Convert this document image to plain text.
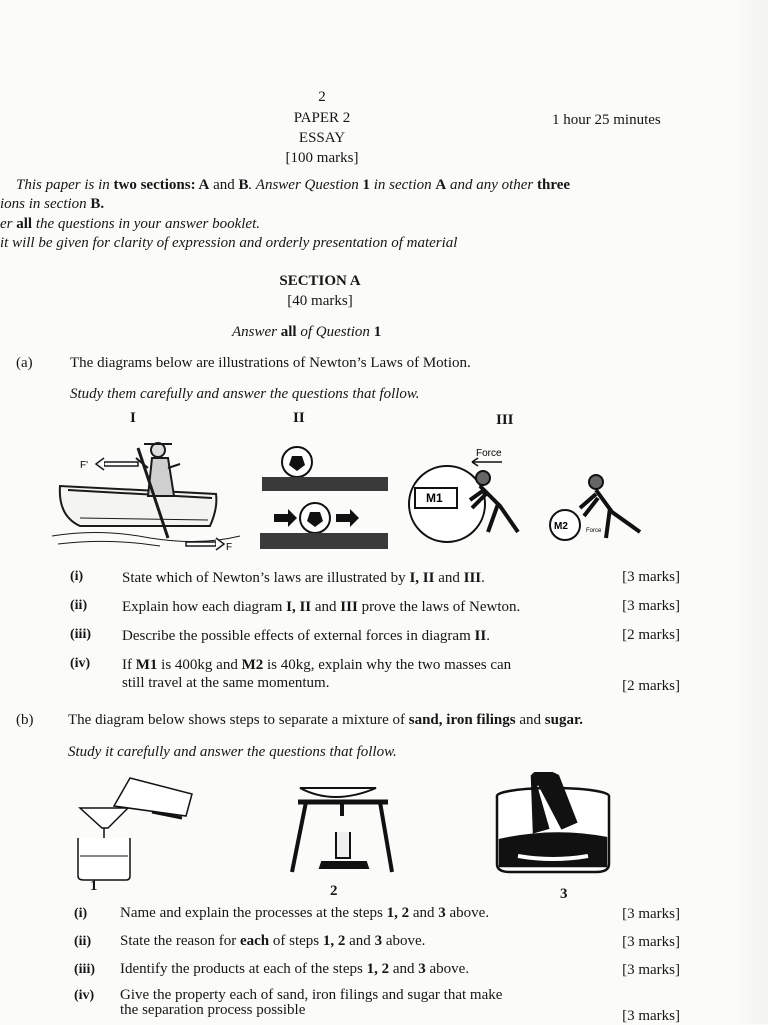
2
PAPER 2
ESSAY
[100 marks]
1 hour 25 minutes
This paper is in two sections: A and B. Answer Question 1 in section A and any other three
ions in section B.
er all the questions in your answer booklet.
it will be given for clarity of expression and orderly presentation of material
SECTION A
[40 marks]
Answer all of Question 1
(a) The diagrams below are illustrations of Newton’s Laws of Motion.
Study them carefully and answer the questions that follow.
I	II	III
F'
F
Force
M1
M2	Force
(i)	State which of Newton’s laws are illustrated by I, II and III.	[3 marks]
(ii) Explain how each diagram I, II and III prove the laws of Newton.	[3 marks]
(iii) Describe the possible effects of external forces in diagram II.	[2 marks]
(iv) If M1 is 400kg and M2 is 40kg, explain why the two masses can
still travel at the same momentum.	[2 marks]
(b) The diagram below shows steps to separate a mixture of sand, iron filings and sugar.
Study it carefully and answer the questions that follow.
1	2	3
(i) Name and explain the processes at the steps 1, 2 and 3 above.	[3 marks]
(ii) State the reason for each of steps 1, 2 and 3 above.	[3 marks]
(iii) Identify the products at each of the steps 1, 2 and 3 above.	[3 marks]
(iv) Give the property each of sand, iron filings and sugar that make
the separation process possible	[3 marks]
